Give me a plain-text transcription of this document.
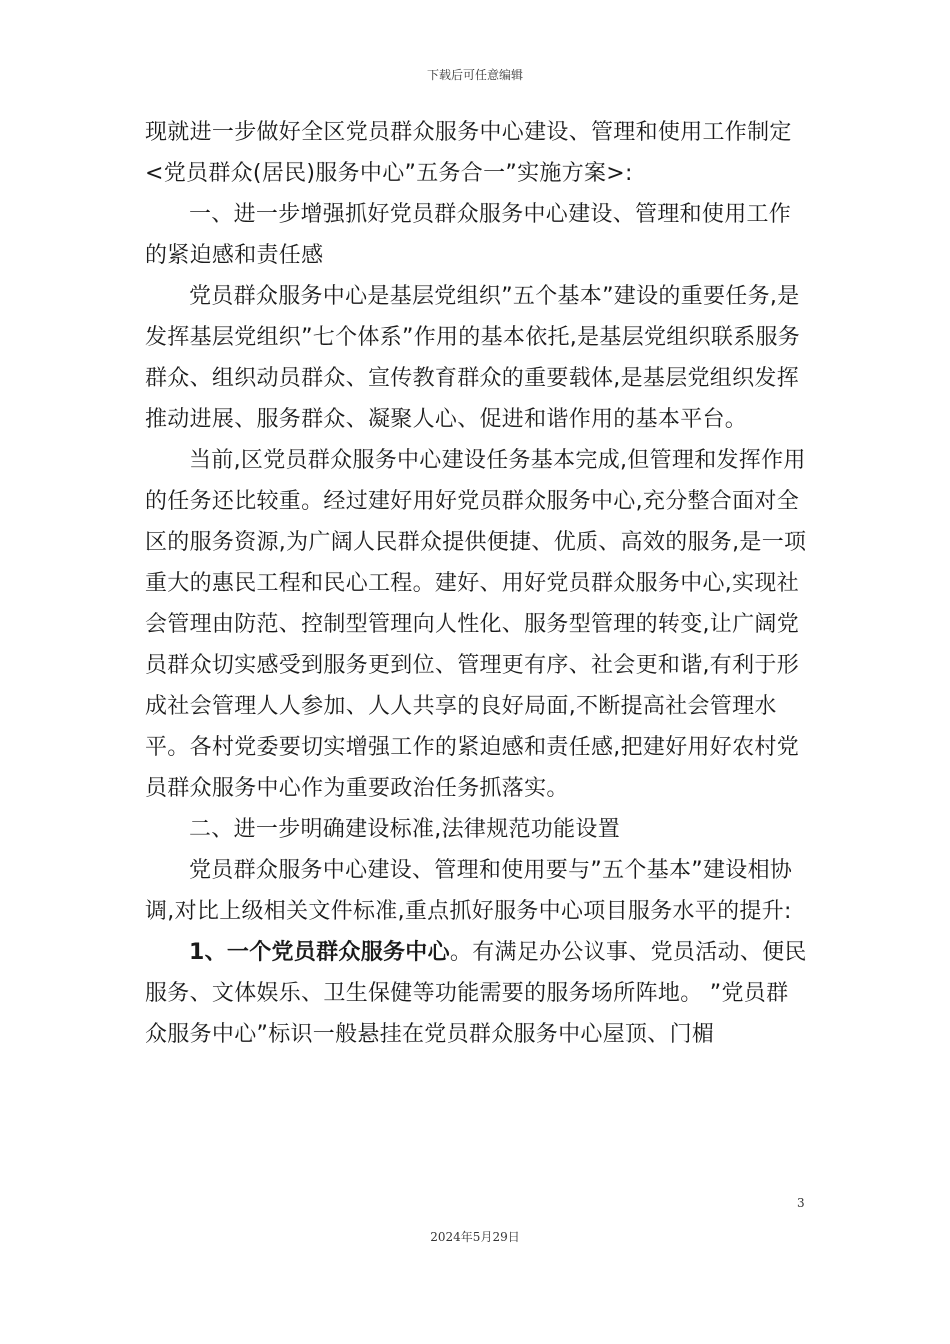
下载后可任意编辑

现就进一步做好全区党员群众服务中心建设、管理和使用工作制定<党员群众(居民)服务中心”五务合一”实施方案>:

一、进一步增强抓好党员群众服务中心建设、管理和使用工作的紧迫感和责任感

党员群众服务中心是基层党组织”五个基本”建设的重要任务,是发挥基层党组织”七个体系”作用的基本依托,是基层党组织联系服务群众、组织动员群众、宣传教育群众的重要载体,是基层党组织发挥推动进展、服务群众、凝聚人心、促进和谐作用的基本平台。

当前,区党员群众服务中心建设任务基本完成,但管理和发挥作用的任务还比较重。经过建好用好党员群众服务中心,充分整合面对全区的服务资源,为广阔人民群众提供便捷、优质、高效的服务,是一项重大的惠民工程和民心工程。建好、用好党员群众服务中心,实现社会管理由防范、控制型管理向人性化、服务型管理的转变,让广阔党员群众切实感受到服务更到位、管理更有序、社会更和谐,有利于形成社会管理人人参加、人人共享的良好局面,不断提高社会管理水平。各村党委要切实增强工作的紧迫感和责任感,把建好用好农村党员群众服务中心作为重要政治任务抓落实。

二、进一步明确建设标准,法律规范功能设置

党员群众服务中心建设、管理和使用要与”五个基本”建设相协调,对比上级相关文件标准,重点抓好服务中心项目服务水平的提升:

1、一个党员群众服务中心。有满足办公议事、党员活动、便民服务、文体娱乐、卫生保健等功能需要的服务场所阵地。 ”党员群众服务中心”标识一般悬挂在党员群众服务中心屋顶、门楣

3
2024年5月29日
